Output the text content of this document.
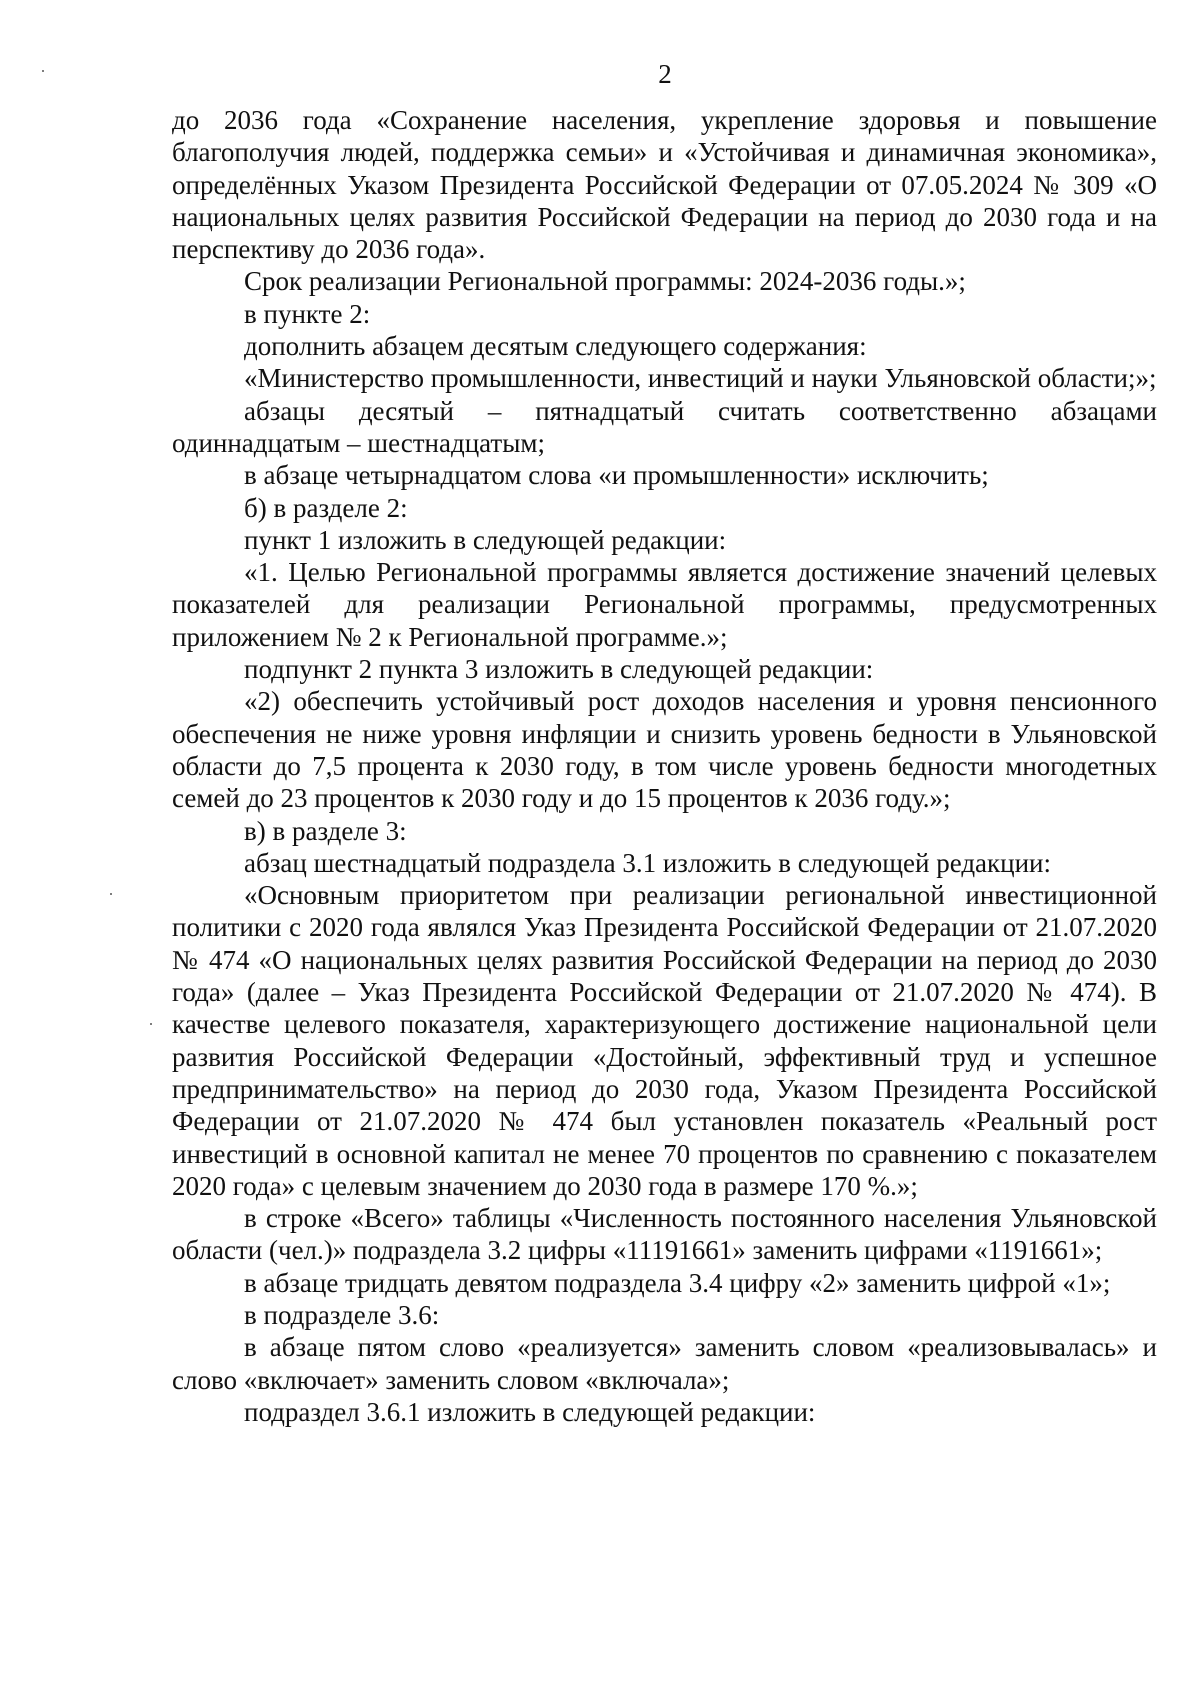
2

до 2036 года «Сохранение населения, укрепление здоровья и повышение благополучия людей, поддержка семьи» и «Устойчивая и динамичная экономика», определённых Указом Президента Российской Федерации от 07.05.2024 № 309 «О национальных целях развития Российской Федерации на период до 2030 года и на перспективу до 2036 года».

Срок реализации Региональной программы: 2024-2036 годы.»;

в пункте 2:

дополнить абзацем десятым следующего содержания:

«Министерство промышленности, инвестиций и науки Ульяновской области;»;

абзацы десятый – пятнадцатый считать соответственно абзацами одиннадцатым – шестнадцатым;

в абзаце четырнадцатом слова «и промышленности» исключить;

б) в разделе 2:

пункт 1 изложить в следующей редакции:

«1. Целью Региональной программы является достижение значений целевых показателей для реализации Региональной программы, предусмотренных приложением № 2 к Региональной программе.»;

подпункт 2 пункта 3 изложить в следующей редакции:

«2) обеспечить устойчивый рост доходов населения и уровня пенсионного обеспечения не ниже уровня инфляции и снизить уровень бедности в Ульяновской области до 7,5 процента к 2030 году, в том числе уровень бедности многодетных семей до 23 процентов к 2030 году и до 15 процентов к 2036 году.»;

в) в разделе 3:

абзац шестнадцатый подраздела 3.1 изложить в следующей редакции:

«Основным приоритетом при реализации региональной инвестиционной политики с 2020 года являлся Указ Президента Российской Федерации от 21.07.2020 № 474 «О национальных целях развития Российской Федерации на период до 2030 года» (далее – Указ Президента Российской Федерации от 21.07.2020 № 474). В качестве целевого показателя, характеризующего достижение национальной цели развития Российской Федерации «Достойный, эффективный труд и успешное предпринимательство» на период до 2030 года, Указом Президента Российской Федерации от 21.07.2020 № 474 был установлен показатель «Реальный рост инвестиций в основной капитал не менее 70 процентов по сравнению с показателем 2020 года» с целевым значением до 2030 года в размере 170 %.»;

в строке «Всего» таблицы «Численность постоянного населения Ульяновской области (чел.)» подраздела 3.2 цифры «11191661» заменить цифрами «1191661»;

в абзаце тридцать девятом подраздела 3.4 цифру «2» заменить цифрой «1»;

в подразделе 3.6:

в абзаце пятом слово «реализуется» заменить словом «реализовывалась» и слово «включает» заменить словом «включала»;

подраздел 3.6.1 изложить в следующей редакции:
